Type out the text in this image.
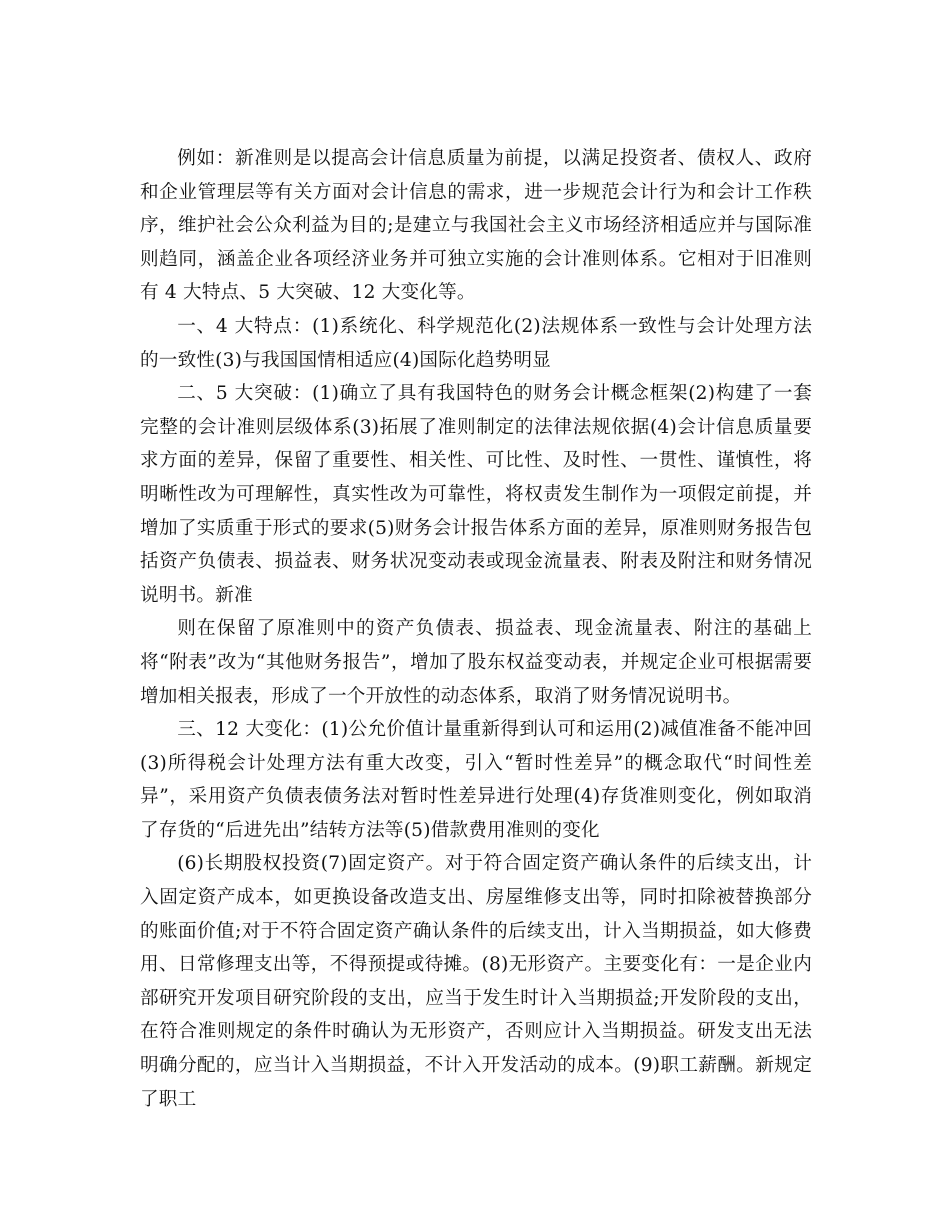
例如：新准则是以提高会计信息质量为前提，以满足投资者、债权人、政府和企业管理层等有关方面对会计信息的需求，进一步规范会计行为和会计工作秩序，维护社会公众利益为目的;是建立与我国社会主义市场经济相适应并与国际准则趋同，涵盖企业各项经济业务并可独立实施的会计准则体系。它相对于旧准则有 4 大特点、5 大突破、12 大变化等。

一、4 大特点：(1)系统化、科学规范化(2)法规体系一致性与会计处理方法的一致性(3)与我国国情相适应(4)国际化趋势明显

二、5 大突破：(1)确立了具有我国特色的财务会计概念框架(2)构建了一套完整的会计准则层级体系(3)拓展了准则制定的法律法规依据(4)会计信息质量要求方面的差异，保留了重要性、相关性、可比性、及时性、一贯性、谨慎性，将明晰性改为可理解性，真实性改为可靠性，将权责发生制作为一项假定前提，并增加了实质重于形式的要求(5)财务会计报告体系方面的差异，原准则财务报告包括资产负债表、损益表、财务状况变动表或现金流量表、附表及附注和财务情况说明书。新准

则在保留了原准则中的资产负债表、损益表、现金流量表、附注的基础上将“附表”改为“其他财务报告”，增加了股东权益变动表，并规定企业可根据需要增加相关报表，形成了一个开放性的动态体系，取消了财务情况说明书。

三、12 大变化：(1)公允价值计量重新得到认可和运用(2)减值准备不能冲回(3)所得税会计处理方法有重大改变，引入“暂时性差异”的概念取代“时间性差异”，采用资产负债表债务法对暂时性差异进行处理(4)存货准则变化，例如取消了存货的“后进先出”结转方法等(5)借款费用准则的变化

(6)长期股权投资(7)固定资产。对于符合固定资产确认条件的后续支出，计入固定资产成本，如更换设备改造支出、房屋维修支出等，同时扣除被替换部分的账面价值;对于不符合固定资产确认条件的后续支出，计入当期损益，如大修费用、日常修理支出等，不得预提或待摊。(8)无形资产。主要变化有：一是企业内部研究开发项目研究阶段的支出，应当于发生时计入当期损益;开发阶段的支出，在符合准则规定的条件时确认为无形资产，否则应计入当期损益。研发支出无法明确分配的，应当计入当期损益，不计入开发活动的成本。(9)职工薪酬。新规定了职工
